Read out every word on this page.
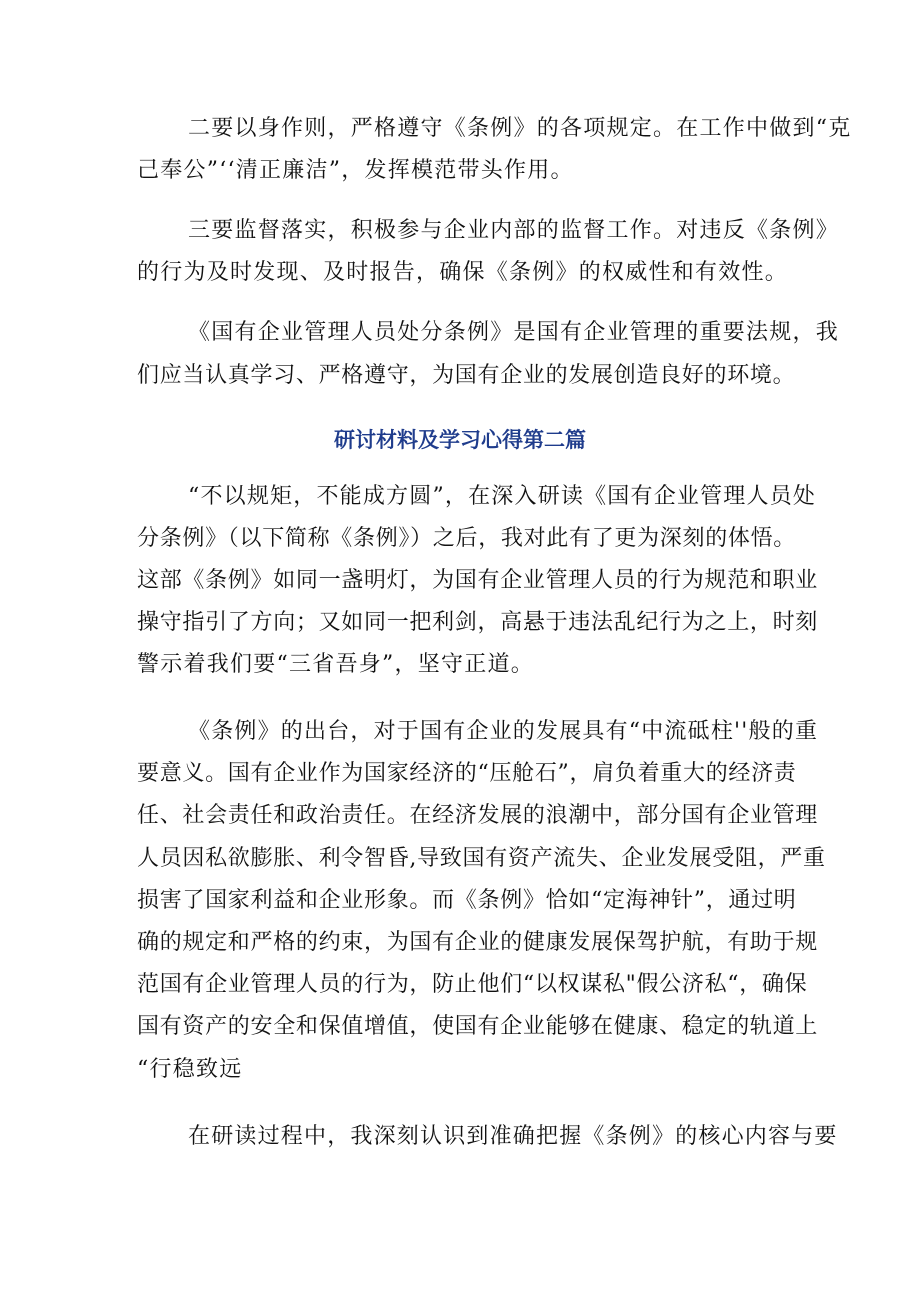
二要以身作则，严格遵守《条例》的各项规定。在工作中做到“克
己奉公”‘‘清正廉洁”，发挥模范带头作用。
三要监督落实，积极参与企业内部的监督工作。对违反《条例》
的行为及时发现、及时报告，确保《条例》的权威性和有效性。
《国有企业管理人员处分条例》是国有企业管理的重要法规，我
们应当认真学习、严格遵守，为国有企业的发展创造良好的环境。
研讨材料及学习心得第二篇
“不以规矩，不能成方圆”，在深入研读《国有企业管理人员处
分条例》（以下简称《条例》）之后，我对此有了更为深刻的体悟。
这部《条例》如同一盏明灯，为国有企业管理人员的行为规范和职业
操守指引了方向；又如同一把利剑，高悬于违法乱纪行为之上，时刻
警示着我们要“三省吾身”，坚守正道。
《条例》的出台，对于国有企业的发展具有“中流砥柱''般的重
要意义。国有企业作为国家经济的“压舱石”，肩负着重大的经济责
任、社会责任和政治责任。在经济发展的浪潮中，部分国有企业管理
人员因私欲膨胀、利令智昏,导致国有资产流失、企业发展受阻，严重
损害了国家利益和企业形象。而《条例》恰如“定海神针”，通过明
确的规定和严格的约束，为国有企业的健康发展保驾护航，有助于规
范国有企业管理人员的行为，防止他们“以权谋私"假公济私“，确保
国有资产的安全和保值增值，使国有企业能够在健康、稳定的轨道上
“行稳致远
在研读过程中，我深刻认识到准确把握《条例》的核心内容与要
